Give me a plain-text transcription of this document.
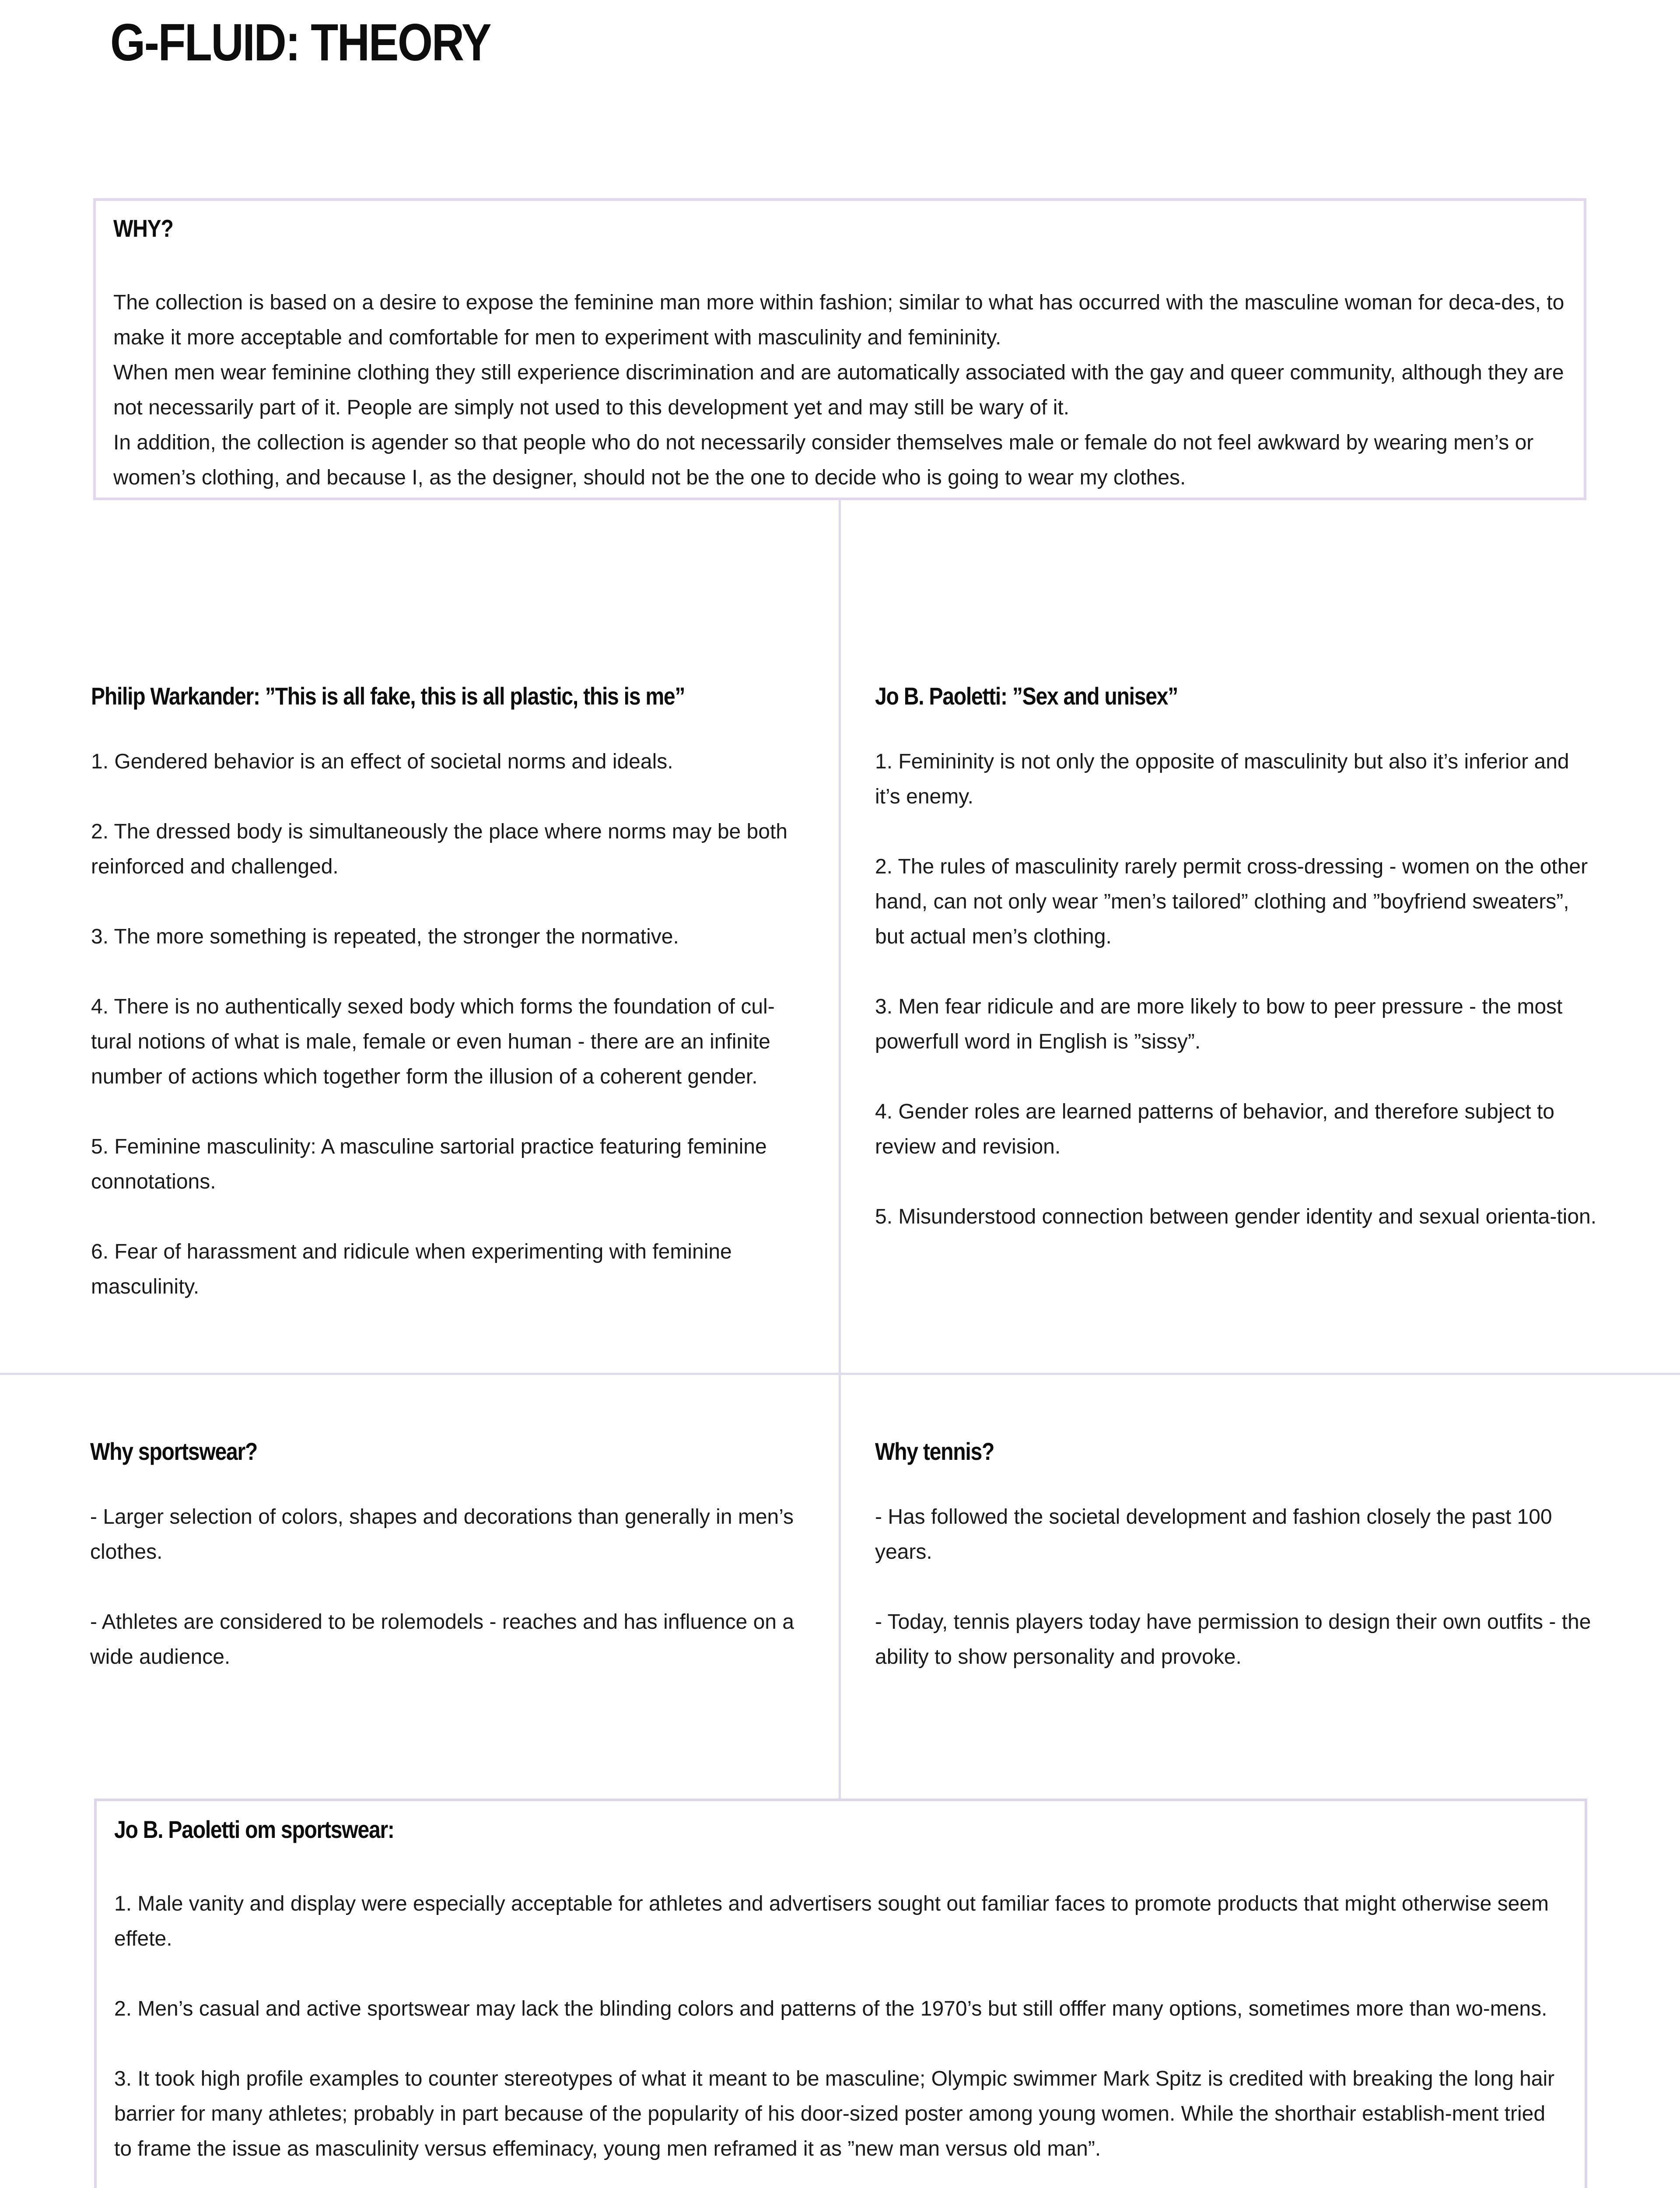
G-FLUID: THEORY
WHY?

The collection is based on a desire to expose the feminine man more within fashion; similar to what has occurred with the masculine woman for deca-des, to make it more acceptable and comfortable for men to experiment with masculinity and femininity.

When men wear feminine clothing they still experience discrimination and are automatically associated with the gay and queer community, although they are not necessarily part of it. People are simply not used to this development yet and may still be wary of it.

In addition, the collection is agender so that people who do not necessarily consider themselves male or female do not feel awkward by wearing men’s or women’s clothing, and because I, as the designer, should not be the one to decide who is going to wear my clothes.

Philip Warkander: ”This is all fake, this is all plastic, this is me”

1. Gendered behavior is an effect of societal norms and ideals.

2. The dressed body is simultaneously the place where norms may be both reinforced and challenged.

3. The more something is repeated, the stronger the normative.

4. There is no authentically sexed body which forms the foundation of cul-tural notions of what is male, female or even human - there are an infinite number of actions which together form the illusion of a coherent gender.

5. Feminine masculinity: A masculine sartorial practice featuring feminine connotations.

6. Fear of harassment and ridicule when experimenting with feminine masculinity.

Jo B. Paoletti: ”Sex and unisex”

1. Femininity is not only the opposite of masculinity but also it’s inferior and it’s enemy.

2. The rules of masculinity rarely permit cross-dressing - women on the other hand, can not only wear ”men’s tailored” clothing and ”boyfriend sweaters”, but actual men’s clothing.

3. Men fear ridicule and are more likely to bow to peer pressure - the most powerfull word in English is ”sissy”.

4. Gender roles are learned patterns of behavior, and therefore subject to review and revision.

5. Misunderstood connection between gender identity and sexual orienta-tion.

Why sportswear?

- Larger selection of colors, shapes and decorations than generally in men’s clothes.

- Athletes are considered to be rolemodels - reaches and has influence on a wide audience.

Why tennis?

- Has followed the societal development and fashion closely the past 100 years.

- Today, tennis players today have permission to design their own outfits - the ability to show personality and provoke.

Jo B. Paoletti om sportswear:

1. Male vanity and display were especially acceptable for athletes and advertisers sought out familiar faces to promote products that might otherwise seem effete.

2. Men’s casual and active sportswear may lack the blinding colors and patterns of the 1970’s but still offfer many options, sometimes more than wo-mens.

3. It took high profile examples to counter stereotypes of what it meant to be masculine; Olympic swimmer Mark Spitz is credited with breaking the long hair barrier for many athletes; probably in part because of the popularity of his door-sized poster among young women. While the shorthair establish-ment tried to frame the issue as masculinity versus effeminacy, young men reframed it as ”new man versus old man”.
